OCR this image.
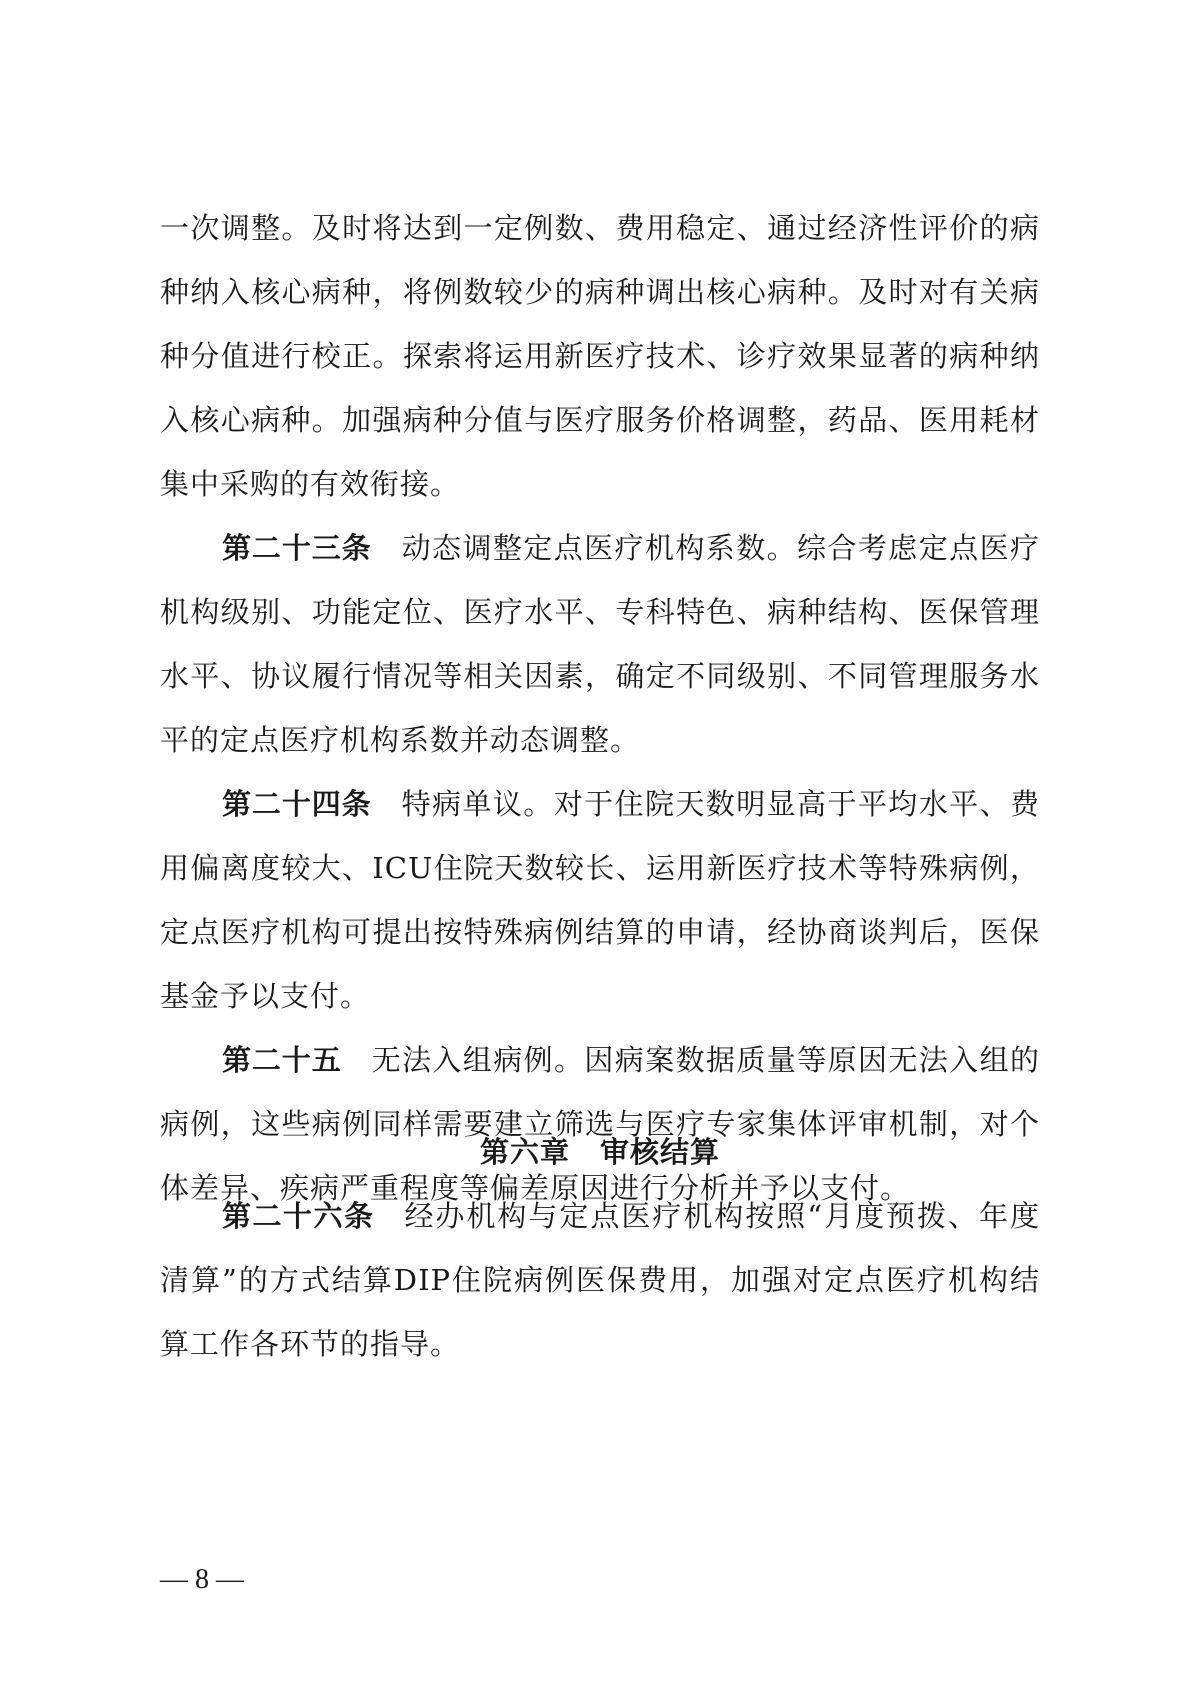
一次调整。及时将达到一定例数、费用稳定、通过经济性评价的病种纳入核心病种，将例数较少的病种调出核心病种。及时对有关病种分值进行校正。探索将运用新医疗技术、诊疗效果显著的病种纳入核心病种。加强病种分值与医疗服务价格调整，药品、医用耗材集中采购的有效衔接。

第二十三条 动态调整定点医疗机构系数。综合考虑定点医疗机构级别、功能定位、医疗水平、专科特色、病种结构、医保管理水平、协议履行情况等相关因素，确定不同级别、不同管理服务水平的定点医疗机构系数并动态调整。

第二十四条 特病单议。对于住院天数明显高于平均水平、费用偏离度较大、ICU住院天数较长、运用新医疗技术等特殊病例，定点医疗机构可提出按特殊病例结算的申请，经协商谈判后，医保基金予以支付。

第二十五 无法入组病例。因病案数据质量等原因无法入组的病例，这些病例同样需要建立筛选与医疗专家集体评审机制，对个体差异、疾病严重程度等偏差原因进行分析并予以支付。

第六章 审核结算

第二十六条 经办机构与定点医疗机构按照“月度预拨、年度清算”的方式结算DIP住院病例医保费用，加强对定点医疗机构结算工作各环节的指导。

— 8 —
